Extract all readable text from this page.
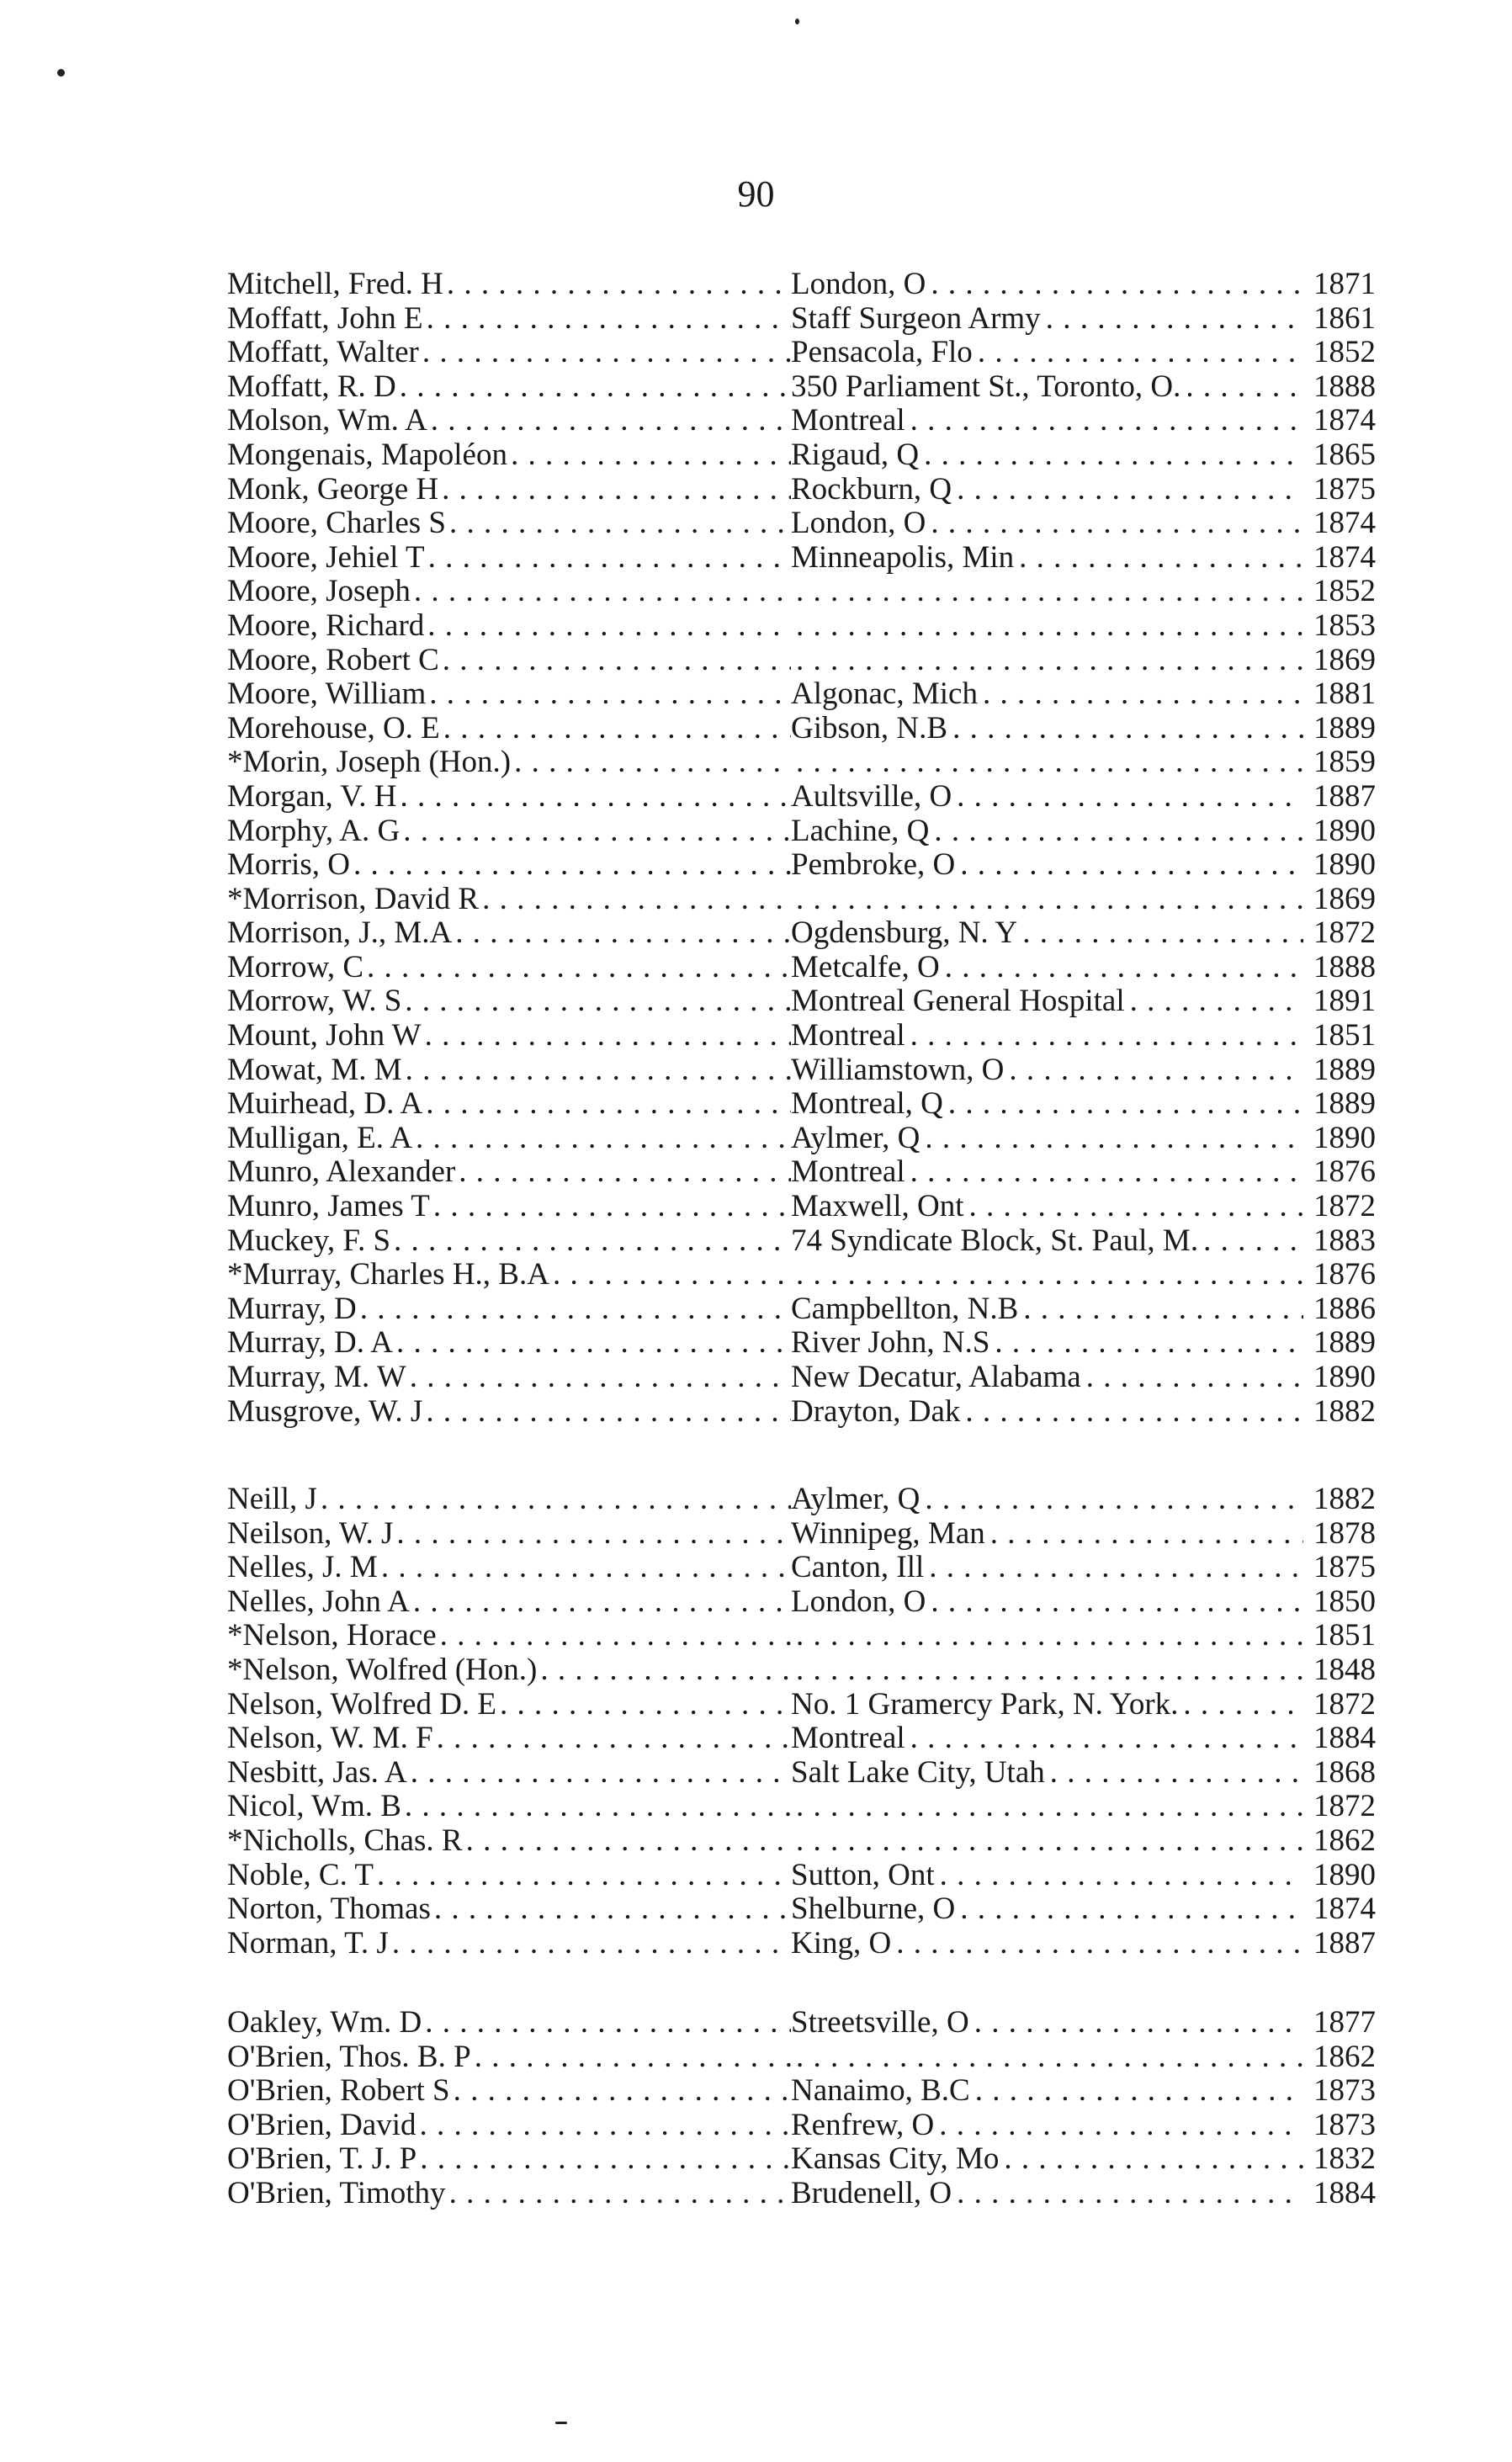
90
Mitchell, Fred. H . . .	London, O . . .	1871
Moffatt, John E . . .	Staff Surgeon Army . . .	1861
Moffatt, Walter . . .	Pensacola, Flo . . .	1852
Moffatt, R. D . . .	350 Parliament St., Toronto, O. . . .	1888
Molson, Wm. A . . .	Montreal . . .	1874
Mongenais, Mapoléon . . .	Rigaud, Q . . .	1865
Monk, George H . . .	Rockburn, Q . . .	1875
Moore, Charles S . . .	London, O . . .	1874
Moore, Jehiel T . . .	Minneapolis, Min . . .	1874
Moore, Joseph . . . . . .	1852
Moore, Richard . . . . . .	1853
Moore, Robert C . . . . . .	1869
Moore, William . . .	Algonac, Mich . . .	1881
Morehouse, O. E . . .	Gibson, N.B . . .	1889
*Morin, Joseph (Hon.) . . . . . .	1859
Morgan, V. H . . .	Aultsville, O . . .	1887
Morphy, A. G . . .	Lachine, Q . . .	1890
Morris, O . . .	Pembroke, O . . .	1890
*Morrison, David R . . . . . .	1869
Morrison, J., M.A . . .	Ogdensburg, N. Y . . .	1872
Morrow, C . . .	Metcalfe, O . . .	1888
Morrow, W. S . . .	Montreal General Hospital . . .	1891
Mount, John W . . .	Montreal . . .	1851
Mowat, M. M . . .	Williamstown, O . . .	1889
Muirhead, D. A . . .	Montreal, Q . . .	1889
Mulligan, E. A . . .	Aylmer, Q . . .	1890
Munro, Alexander . . .	Montreal . . .	1876
Munro, James T . . .	Maxwell, Ont . . .	1872
Muckey, F. S . . .	74 Syndicate Block, St. Paul, M. . . .	1883
*Murray, Charles H., B.A . . . . . .	1876
Murray, D . . .	Campbellton, N.B . . .	1886
Murray, D. A . . .	River John, N.S . . .	1889
Murray, M. W . . .	New Decatur, Alabama . . .	1890
Musgrove, W. J . . .	Drayton, Dak . . .	1882
Neill, J . . .	Aylmer, Q . . .	1882
Neilson, W. J . . .	Winnipeg, Man . . .	1878
Nelles, J. M . . .	Canton, Ill . . .	1875
Nelles, John A . . .	London, O . . .	1850
*Nelson, Horace . . . . . .	1851
*Nelson, Wolfred (Hon.) . . . . . .	1848
Nelson, Wolfred D. E . . .	No. 1 Gramercy Park, N. York. . . .	1872
Nelson, W. M. F . . .	Montreal . . .	1884
Nesbitt, Jas. A . . .	Salt Lake City, Utah . . .	1868
Nicol, Wm. B . . . . . .	1872
*Nicholls, Chas. R . . . . . .	1862
Noble, C. T . . .	Sutton, Ont . . .	1890
Norton, Thomas . . .	Shelburne, O . . .	1874
Norman, T. J . . .	King, O . . .	1887
Oakley, Wm. D . . .	Streetsville, O . . .	1877
O'Brien, Thos. B. P . . . . . .	1862
O'Brien, Robert S . . .	Nanaimo, B.C . . .	1873
O'Brien, David . . .	Renfrew, O . . .	1873
O'Brien, T. J. P . . .	Kansas City, Mo . . .	1832
O'Brien, Timothy . . .	Brudenell, O . . .	1884
